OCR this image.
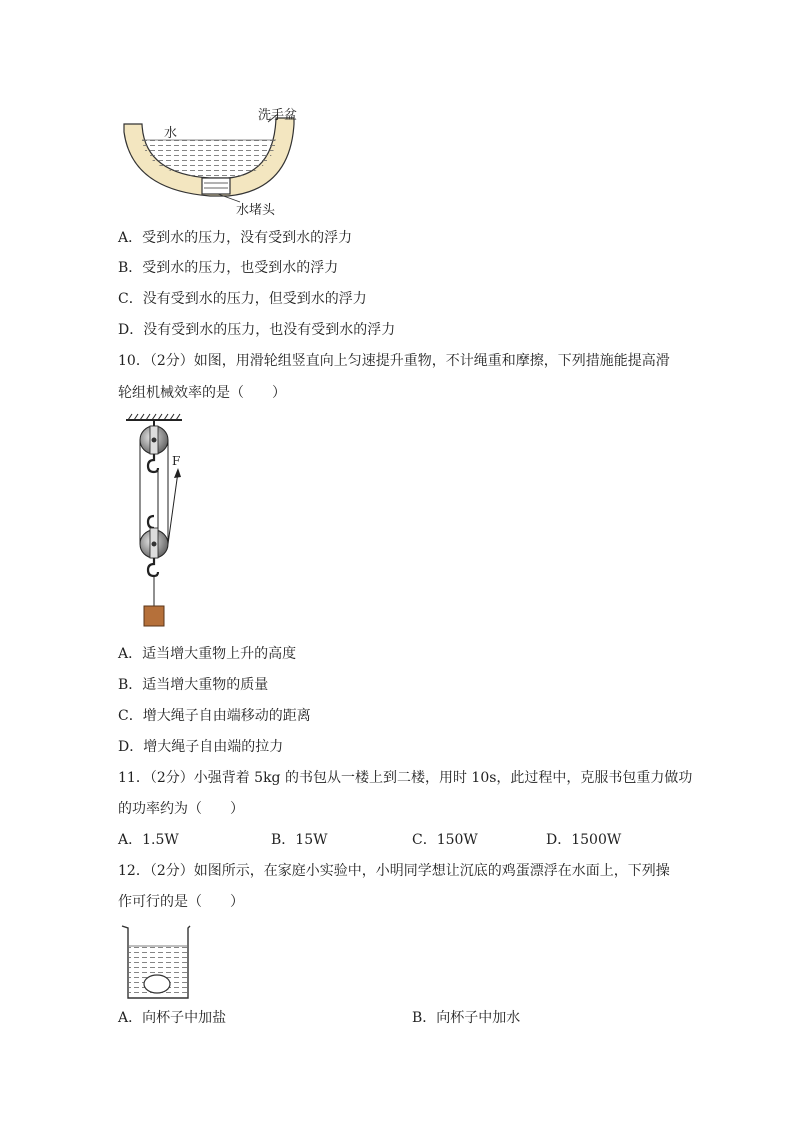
洗手盆
水
水堵头
A．受到水的压力，没有受到水的浮力
B．受到水的压力，也受到水的浮力
C．没有受到水的压力，但受到水的浮力
D．没有受到水的压力，也没有受到水的浮力
10．（2分）如图，用滑轮组竖直向上匀速提升重物，不计绳重和摩擦，下列措施能提高滑
轮组机械效率的是（　　）
F
A．适当增大重物上升的高度
B．适当增大重物的质量
C．增大绳子自由端移动的距离
D．增大绳子自由端的拉力
11．（2分）小强背着 5kg 的书包从一楼上到二楼，用时 10s，此过程中，克服书包重力做功
的功率约为（　　）
A．1.5W	B．15W	C．150W	D．1500W
12．（2分）如图所示，在家庭小实验中，小明同学想让沉底的鸡蛋漂浮在水面上，下列操
作可行的是（　　）
A．向杯子中加盐	B．向杯子中加水
